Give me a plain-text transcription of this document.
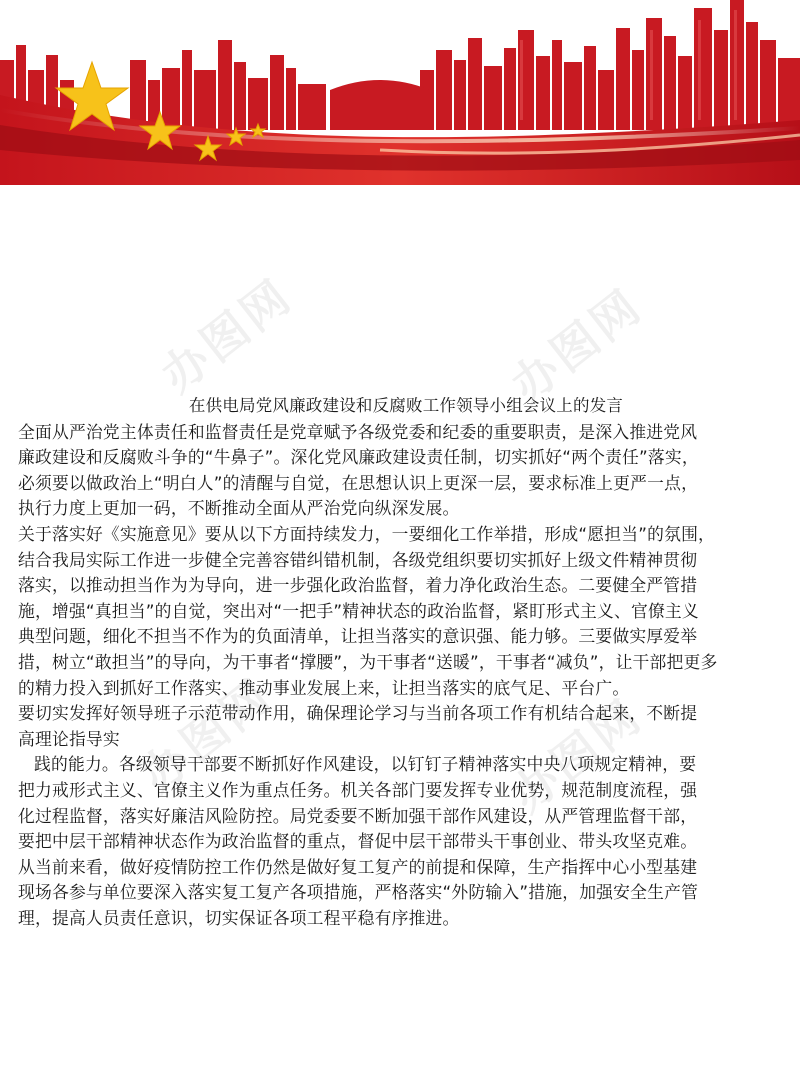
办图网	办图网
办图网	办图网
在供电局党风廉政建设和反腐败工作领导小组会议上的发言

全面从严治党主体责任和监督责任是党章赋予各级党委和纪委的重要职责，是深入推进党风
廉政建设和反腐败斗争的“牛鼻子”。深化党风廉政建设责任制，切实抓好“两个责任”落实，
必须要以做政治上“明白人”的清醒与自觉，在思想认识上更深一层，要求标准上更严一点，
执行力度上更加一码，不断推动全面从严治党向纵深发展。

关于落实好《实施意见》要从以下方面持续发力，一要细化工作举措，形成“愿担当”的氛围，
结合我局实际工作进一步健全完善容错纠错机制，各级党组织要切实抓好上级文件精神贯彻
落实，以推动担当作为为导向，进一步强化政治监督，着力净化政治生态。二要健全严管措
施，增强“真担当”的自觉，突出对“一把手”精神状态的政治监督，紧盯形式主义、官僚主义
典型问题，细化不担当不作为的负面清单，让担当落实的意识强、能力够。三要做实厚爱举
措，树立“敢担当”的导向，为干事者“撑腰”，为干事者“送暖”，干事者“减负”，让干部把更多
的精力投入到抓好工作落实、推动事业发展上来，让担当落实的底气足、平台广。

要切实发挥好领导班子示范带动作用，确保理论学习与当前各项工作有机结合起来，不断提
高理论指导实

践的能力。各级领导干部要不断抓好作风建设，以钉钉子精神落实中央八项规定精神，要
把力戒形式主义、官僚主义作为重点任务。机关各部门要发挥专业优势，规范制度流程，强
化过程监督，落实好廉洁风险防控。局党委要不断加强干部作风建设，从严管理监督干部，
要把中层干部精神状态作为政治监督的重点，督促中层干部带头干事创业、带头攻坚克难。
从当前来看，做好疫情防控工作仍然是做好复工复产的前提和保障，生产指挥中心小型基建
现场各参与单位要深入落实复工复产各项措施，严格落实“外防输入”措施，加强安全生产管
理，提高人员责任意识，切实保证各项工程平稳有序推进。
